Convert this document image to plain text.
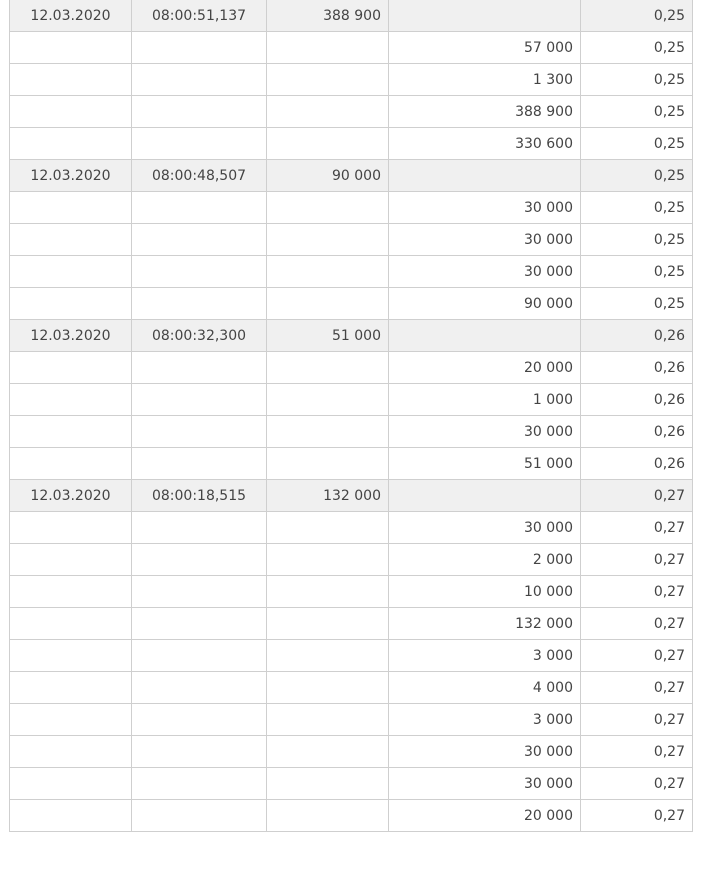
12.03.2020	08:00:51,137	388 900		0,25
			57 000	0,25
			1 300	0,25
			388 900	0,25
			330 600	0,25
12.03.2020	08:00:48,507	90 000		0,25
			30 000	0,25
			30 000	0,25
			30 000	0,25
			90 000	0,25
12.03.2020	08:00:32,300	51 000		0,26
			20 000	0,26
			1 000	0,26
			30 000	0,26
			51 000	0,26
12.03.2020	08:00:18,515	132 000		0,27
			30 000	0,27
			2 000	0,27
			10 000	0,27
			132 000	0,27
			3 000	0,27
			4 000	0,27
			3 000	0,27
			30 000	0,27
			30 000	0,27
			20 000	0,27
